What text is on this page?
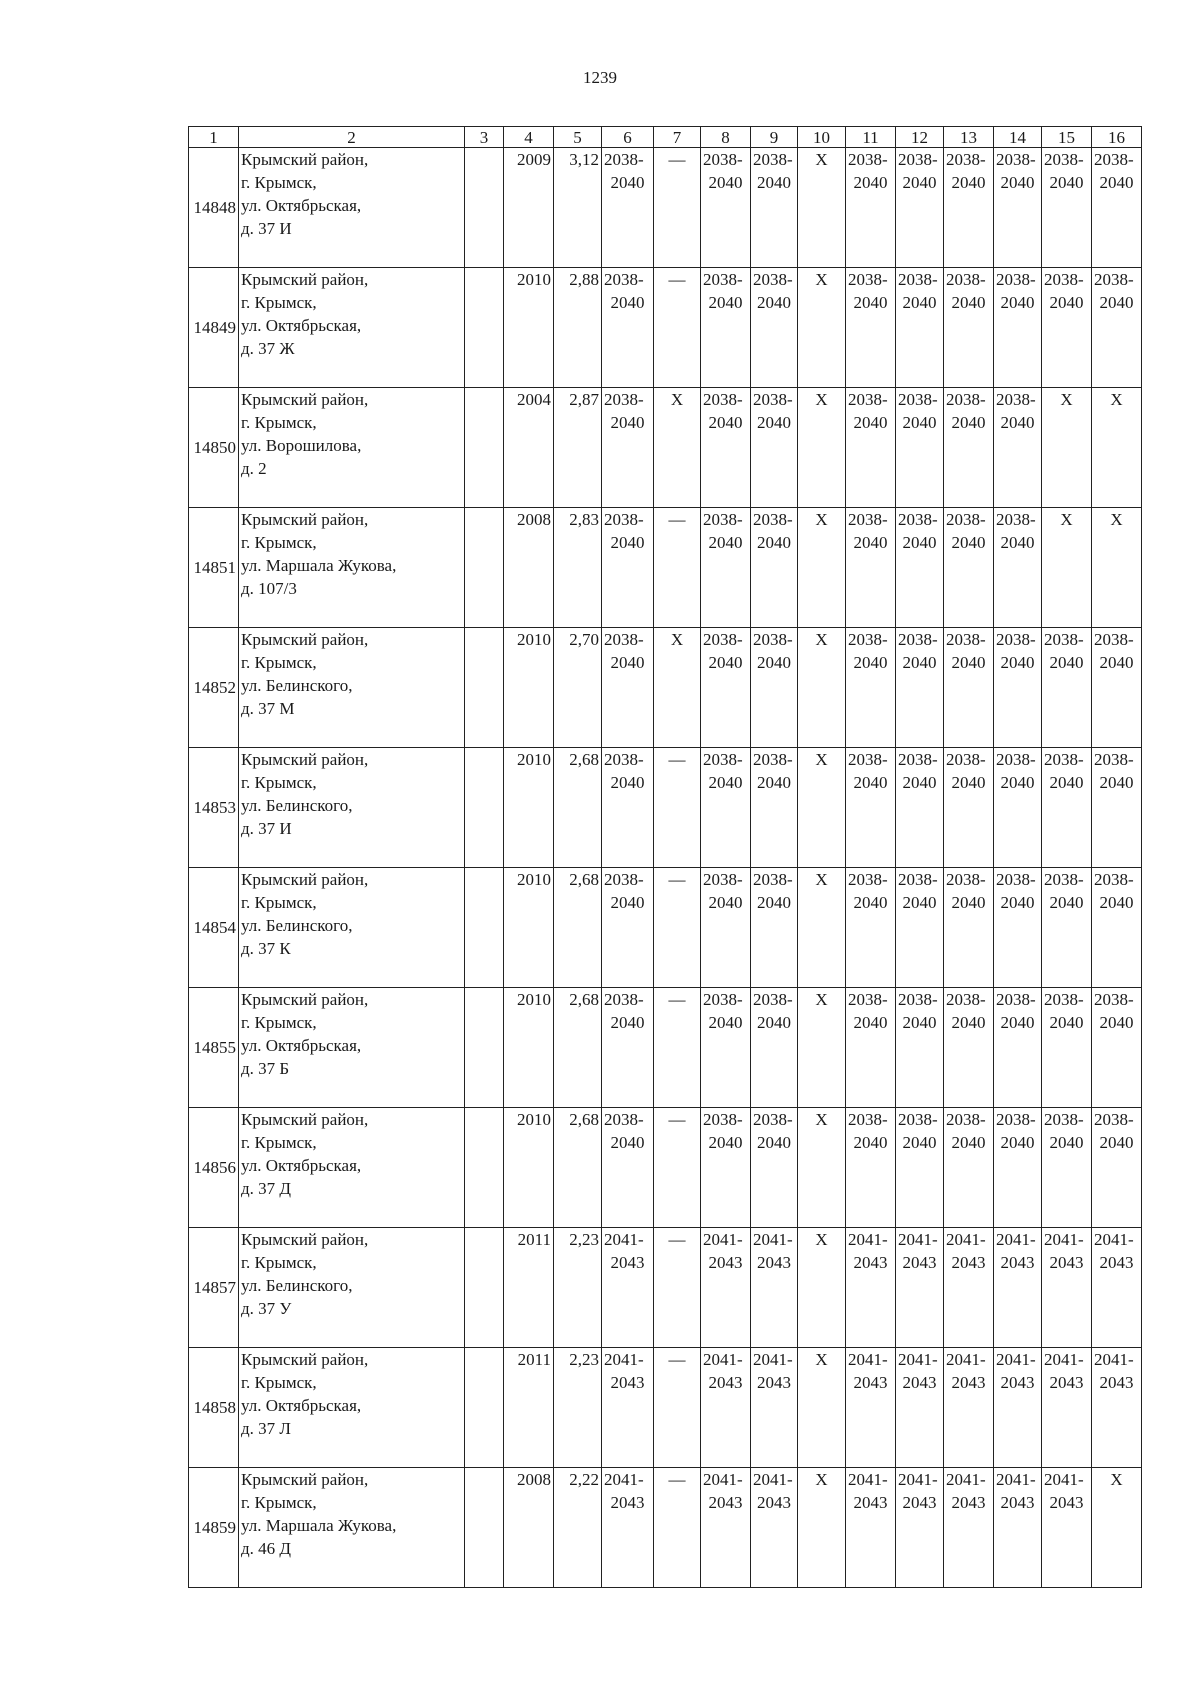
1239
1	2	3	4	5	6	7	8	9	10	11	12	13	14	15	16
14848	Крымский район,
г. Крымск,
ул. Октябрьская,
д. 37 И		2009	3,12	2038-
2040	—	2038-
2040	2038-
2040	Х	2038-
2040	2038-
2040	2038-
2040	2038-
2040	2038-
2040	2038-
2040

14849	Крымский район,
г. Крымск,
ул. Октябрьская,
д. 37 Ж		2010	2,88	2038-
2040	—	2038-
2040	2038-
2040	Х	2038-
2040	2038-
2040	2038-
2040	2038-
2040	2038-
2040	2038-
2040

14850	Крымский район,
г. Крымск,
ул. Ворошилова,
д. 2		2004	2,87	2038-
2040	Х	2038-
2040	2038-
2040	Х	2038-
2040	2038-
2040	2038-
2040	2038-
2040	Х	Х
14851	Крымский район,
г. Крымск,
ул. Маршала Жукова,
д. 107/3		2008	2,83	2038-
2040	—	2038-
2040	2038-
2040	Х	2038-
2040	2038-
2040	2038-
2040	2038-
2040	Х	Х
14852	Крымский район,
г. Крымск,
ул. Белинского,
д. 37 М		2010	2,70	2038-
2040	Х	2038-
2040	2038-
2040	Х	2038-
2040	2038-
2040	2038-
2040	2038-
2040	2038-
2040	2038-
2040

14853	Крымский район,
г. Крымск,
ул. Белинского,
д. 37 И		2010	2,68	2038-
2040	—	2038-
2040	2038-
2040	Х	2038-
2040	2038-
2040	2038-
2040	2038-
2040	2038-
2040	2038-
2040

14854	Крымский район,
г. Крымск,
ул. Белинского,
д. 37 К		2010	2,68	2038-
2040	—	2038-
2040	2038-
2040	Х	2038-
2040	2038-
2040	2038-
2040	2038-
2040	2038-
2040	2038-
2040

14855	Крымский район,
г. Крымск,
ул. Октябрьская,
д. 37 Б		2010	2,68	2038-
2040	—	2038-
2040	2038-
2040	Х	2038-
2040	2038-
2040	2038-
2040	2038-
2040	2038-
2040	2038-
2040

14856	Крымский район,
г. Крымск,
ул. Октябрьская,
д. 37 Д		2010	2,68	2038-
2040	—	2038-
2040	2038-
2040	Х	2038-
2040	2038-
2040	2038-
2040	2038-
2040	2038-
2040	2038-
2040

14857	Крымский район,
г. Крымск,
ул. Белинского,
д. 37 У		2011	2,23	2041-
2043	—	2041-
2043	2041-
2043	Х	2041-
2043	2041-
2043	2041-
2043	2041-
2043	2041-
2043	2041-
2043

14858	Крымский район,
г. Крымск,
ул. Октябрьская,
д. 37 Л		2011	2,23	2041-
2043	—	2041-
2043	2041-
2043	Х	2041-
2043	2041-
2043	2041-
2043	2041-
2043	2041-
2043	2041-
2043

14859	Крымский район,
г. Крымск,
ул. Маршала Жукова,
д. 46 Д		2008	2,22	2041-
2043	—	2041-
2043	2041-
2043	Х	2041-
2043	2041-
2043	2041-
2043	2041-
2043	2041-
2043	Х
